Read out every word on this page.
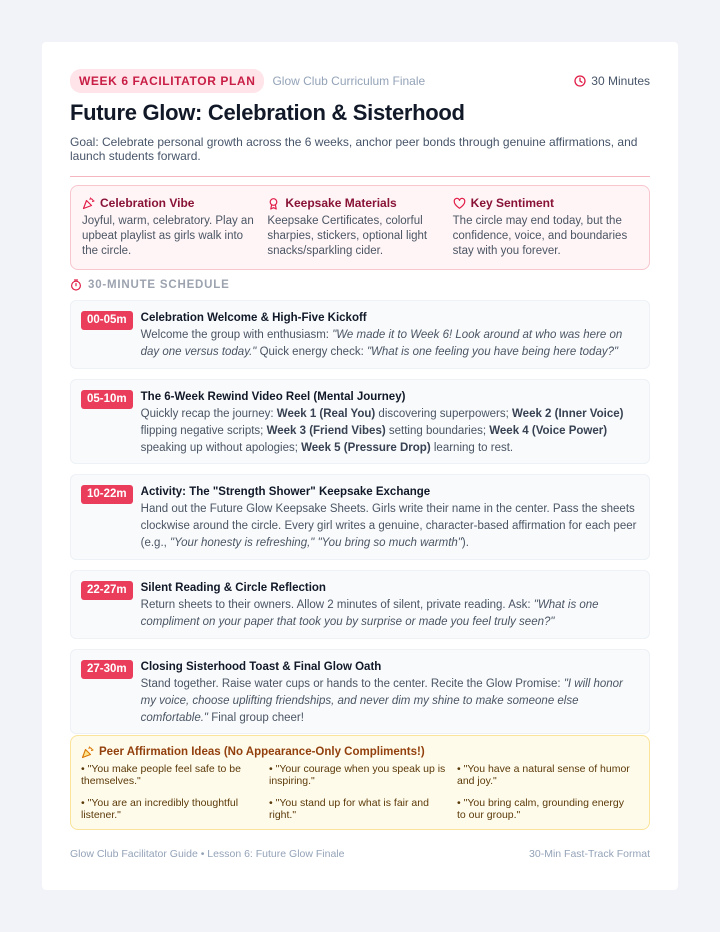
WEEK 6 FACILITATOR PLAN	Glow Club Curriculum Finale	30 Minutes
Future Glow: Celebration & Sisterhood

Goal: Celebrate personal growth across the 6 weeks, anchor peer bonds through genuine affirmations, and launch students forward.

Celebration Vibe
Joyful, warm, celebratory. Play an upbeat playlist as girls walk into the circle.
Keepsake Materials
Keepsake Certificates, colorful sharpies, stickers, optional light snacks/sparkling cider.
Key Sentiment
The circle may end today, but the confidence, voice, and boundaries stay with you forever.
30-MINUTE SCHEDULE
00-05m	Celebration Welcome & High-Five Kickoff
Welcome the group with enthusiasm: "We made it to Week 6! Look around at who was here on day one versus today." Quick energy check: "What is one feeling you have being here today?"
05-10m	The 6-Week Rewind Video Reel (Mental Journey)
Quickly recap the journey: Week 1 (Real You) discovering superpowers; Week 2 (Inner Voice) flipping negative scripts; Week 3 (Friend Vibes) setting boundaries; Week 4 (Voice Power) speaking up without apologies; Week 5 (Pressure Drop) learning to rest.
10-22m	Activity: The "Strength Shower" Keepsake Exchange
Hand out the Future Glow Keepsake Sheets. Girls write their name in the center. Pass the sheets clockwise around the circle. Every girl writes a genuine, character-based affirmation for each peer (e.g., "Your honesty is refreshing," "You bring so much warmth").
22-27m	Silent Reading & Circle Reflection
Return sheets to their owners. Allow 2 minutes of silent, private reading. Ask: "What is one compliment on your paper that took you by surprise or made you feel truly seen?"
27-30m	Closing Sisterhood Toast & Final Glow Oath
Stand together. Raise water cups or hands to the center. Recite the Glow Promise: "I will honor my voice, choose uplifting friendships, and never dim my shine to make someone else comfortable." Final group cheer!
Peer Affirmation Ideas (No Appearance-Only Compliments!)
• "You make people feel safe to be themselves."
• "Your courage when you speak up is inspiring."
• "You have a natural sense of humor and joy."
• "You are an incredibly thoughtful listener."
• "You stand up for what is fair and right."
• "You bring calm, grounding energy to our group."
Glow Club Facilitator Guide • Lesson 6: Future Glow Finale	30-Min Fast-Track Format
